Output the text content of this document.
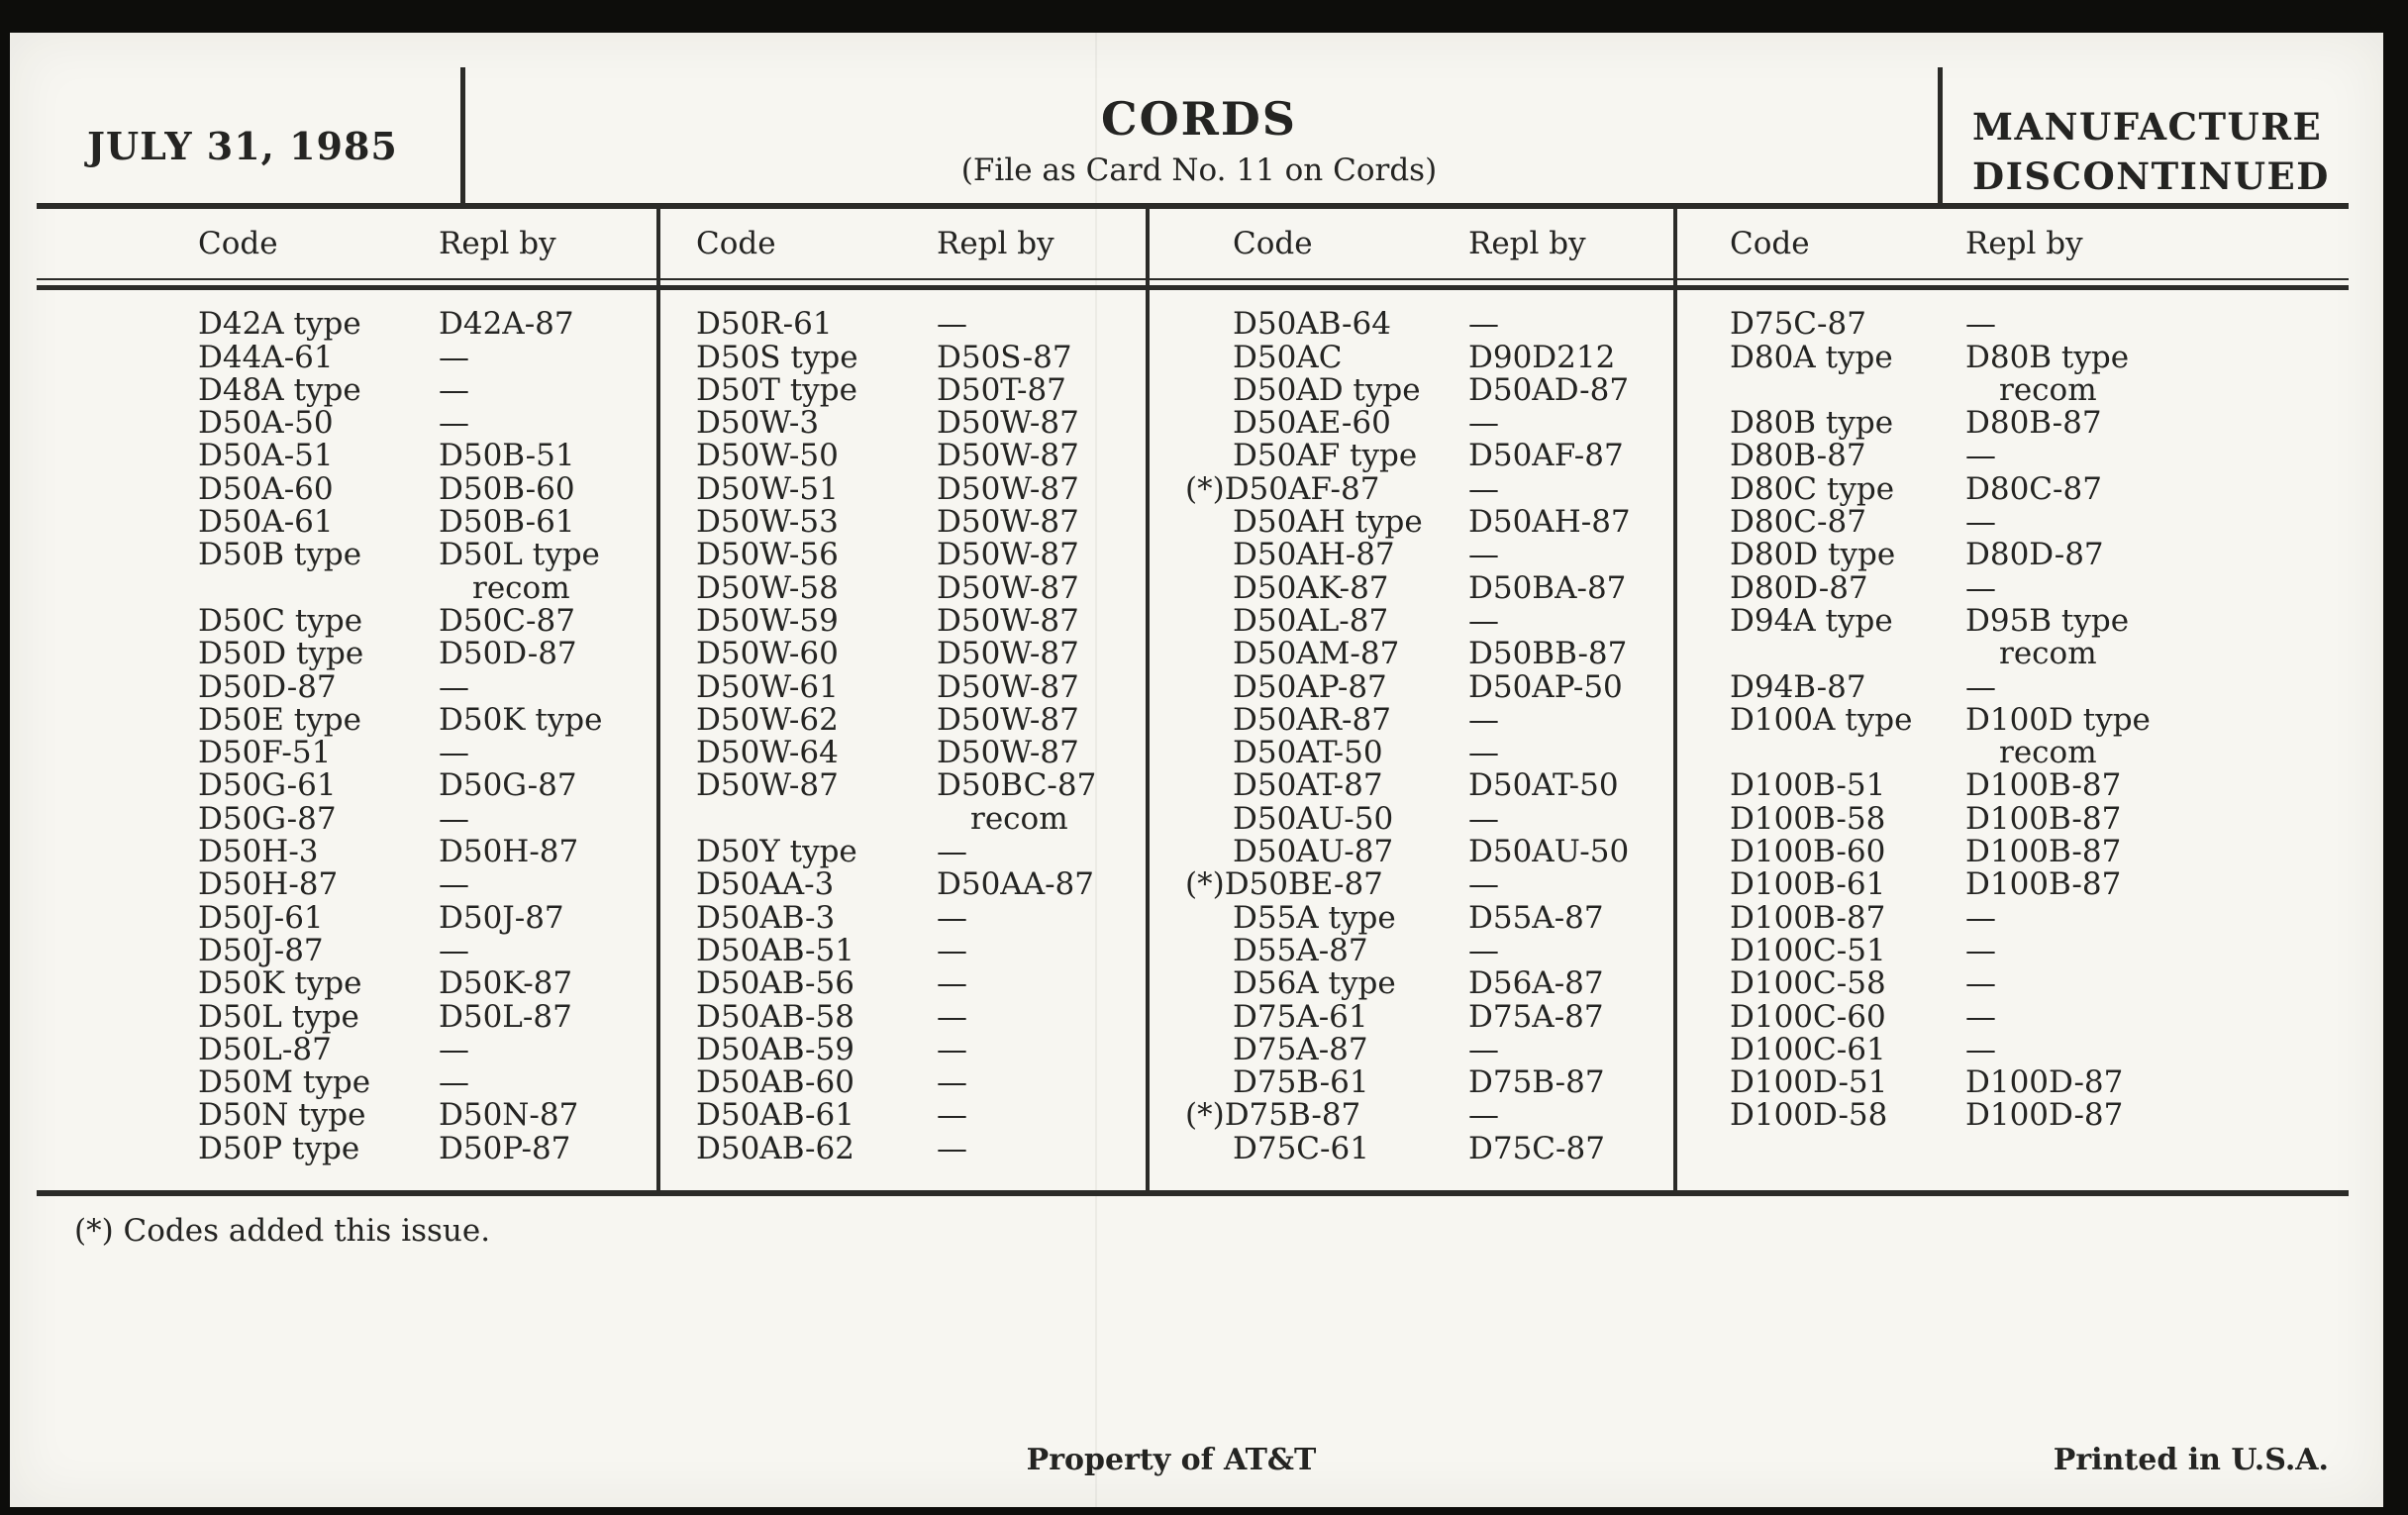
JULY 31, 1985
CORDS
(File as Card No. 11 on Cords)
MANUFACTURE
DISCONTINUED
Code	Repl by
D42A type	D42A-87
D44A-61	—
D48A type	—
D50A-50	—
D50A-51	D50B-51
D50A-60	D50B-60
D50A-61	D50B-61
D50B type	D50L type
recom
D50C type	D50C-87
D50D type	D50D-87
D50D-87	—
D50E type	D50K type
D50F-51	—
D50G-61	D50G-87
D50G-87	—
D50H-3	D50H-87
D50H-87	—
D50J-61	D50J-87
D50J-87	—
D50K type	D50K-87
D50L type	D50L-87
D50L-87	—
D50M type	—
D50N type	D50N-87
D50P type	D50P-87
Code	Repl by
D50R-61	—
D50S type	D50S-87
D50T type	D50T-87
D50W-3	D50W-87
D50W-50	D50W-87
D50W-51	D50W-87
D50W-53	D50W-87
D50W-56	D50W-87
D50W-58	D50W-87
D50W-59	D50W-87
D50W-60	D50W-87
D50W-61	D50W-87
D50W-62	D50W-87
D50W-64	D50W-87
D50W-87	D50BC-87
recom
D50Y type	—
D50AA-3	D50AA-87
D50AB-3	—
D50AB-51	—
D50AB-56	—
D50AB-58	—
D50AB-59	—
D50AB-60	—
D50AB-61	—
D50AB-62	—
Code	Repl by
D50AB-64	—
D50AC	D90D212
D50AD type	D50AD-87
D50AE-60	—
D50AF type	D50AF-87
(*)D50AF-87	—
D50AH type	D50AH-87
D50AH-87	—
D50AK-87	D50BA-87
D50AL-87	—
D50AM-87	D50BB-87
D50AP-87	D50AP-50
D50AR-87	—
D50AT-50	—
D50AT-87	D50AT-50
D50AU-50	—
D50AU-87	D50AU-50
(*)D50BE-87	—
D55A type	D55A-87
D55A-87	—
D56A type	D56A-87
D75A-61	D75A-87
D75A-87	—
D75B-61	D75B-87
(*)D75B-87	—
D75C-61	D75C-87
Code	Repl by
D75C-87	—
D80A type	D80B type
recom
D80B type	D80B-87
D80B-87	—
D80C type	D80C-87
D80C-87	—
D80D type	D80D-87
D80D-87	—
D94A type	D95B type
recom
D94B-87	—
D100A type	D100D type
recom
D100B-51	D100B-87
D100B-58	D100B-87
D100B-60	D100B-87
D100B-61	D100B-87
D100B-87	—
D100C-51	—
D100C-58	—
D100C-60	—
D100C-61	—
D100D-51	D100D-87
D100D-58	D100D-87
(*) Codes added this issue.
Property of AT&T	Printed in U.S.A.
